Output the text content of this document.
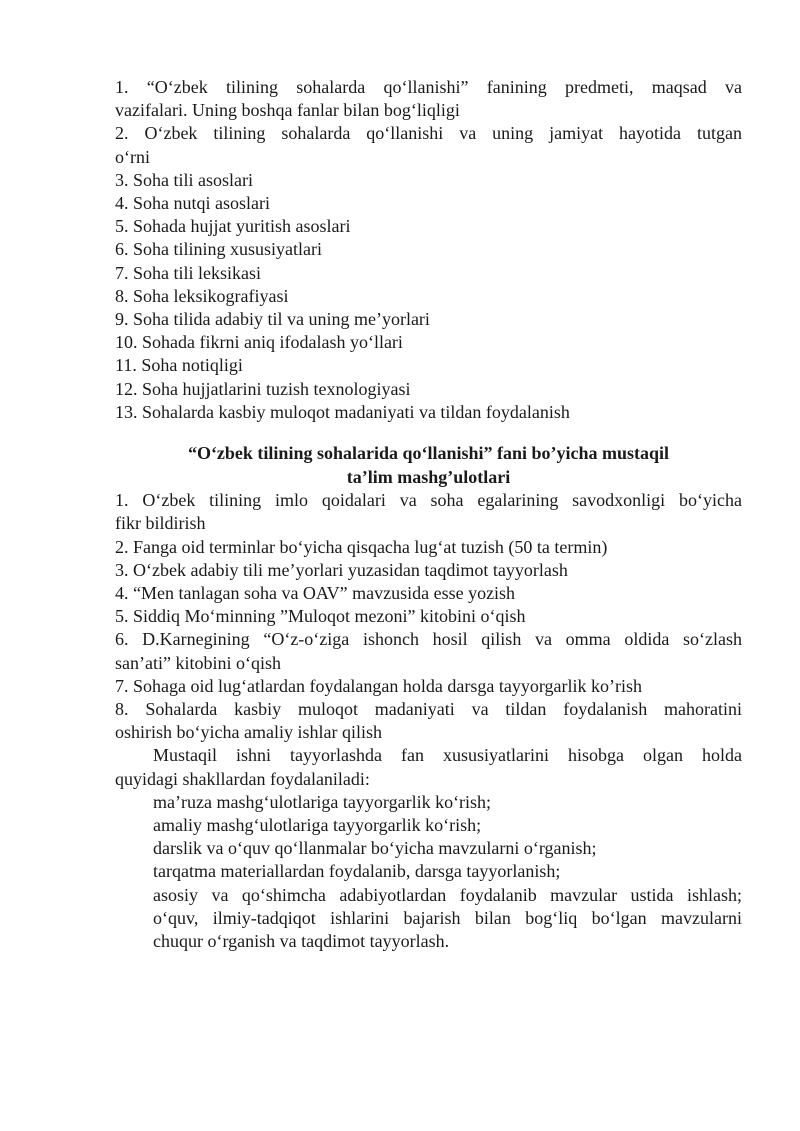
1. “O‘zbek tilining sohalarda qo‘llanishi” fanining predmeti, maqsad va
vazifalari. Uning boshqa fanlar bilan bog‘liqligi
2. O‘zbek tilining sohalarda qo‘llanishi va uning jamiyat hayotida tutgan
o‘rni
3. Soha tili asoslari
4. Soha nutqi asoslari
5. Sohada hujjat yuritish asoslari
6. Soha tilining xususiyatlari
7. Soha tili leksikasi
8. Soha leksikografiyasi
9. Soha tilida adabiy til va uning me’yorlari
10. Sohada fikrni aniq ifodalash yo‘llari
11. Soha notiqligi
12. Soha hujjatlarini tuzish texnologiyasi
13. Sohalarda kasbiy muloqot madaniyati va tildan foydalanish
“O‘zbek tilining sohalarida qo‘llanishi” fani bo’yicha mustaqil
ta’lim mashg’ulotlari
1. O‘zbek tilining imlo qoidalari va soha egalarining savodxonligi bo‘yicha
fikr bildirish
2. Fanga oid terminlar bo‘yicha qisqacha lug‘at tuzish (50 ta termin)
3. O‘zbek adabiy tili me’yorlari yuzasidan taqdimot tayyorlash
4. “Men tanlagan soha va OAV” mavzusida esse yozish
5. Siddiq Mo‘minning ”Muloqot mezoni” kitobini o‘qish
6. D.Karnegining “O‘z-o‘ziga ishonch hosil qilish va omma oldida so‘zlash
san’ati” kitobini o‘qish
7. Sohaga oid lug‘atlardan foydalangan holda darsga tayyorgarlik ko’rish
8. Sohalarda kasbiy muloqot madaniyati va tildan foydalanish mahoratini
oshirish bo‘yicha amaliy ishlar qilish
Mustaqil ishni tayyorlashda fan xususiyatlarini hisobga olgan holda
quyidagi shakllardan foydalaniladi:
ma’ruza mashg‘ulotlariga tayyorgarlik ko‘rish;
amaliy mashg‘ulotlariga tayyorgarlik ko‘rish;
darslik va o‘quv qo‘llanmalar bo‘yicha mavzularni o‘rganish;
tarqatma materiallardan foydalanib, darsga tayyorlanish;
asosiy va qo‘shimcha adabiyotlardan foydalanib mavzular ustida ishlash;
o‘quv, ilmiy-tadqiqot ishlarini bajarish bilan bog‘liq bo‘lgan mavzularni
chuqur o‘rganish va taqdimot tayyorlash.
